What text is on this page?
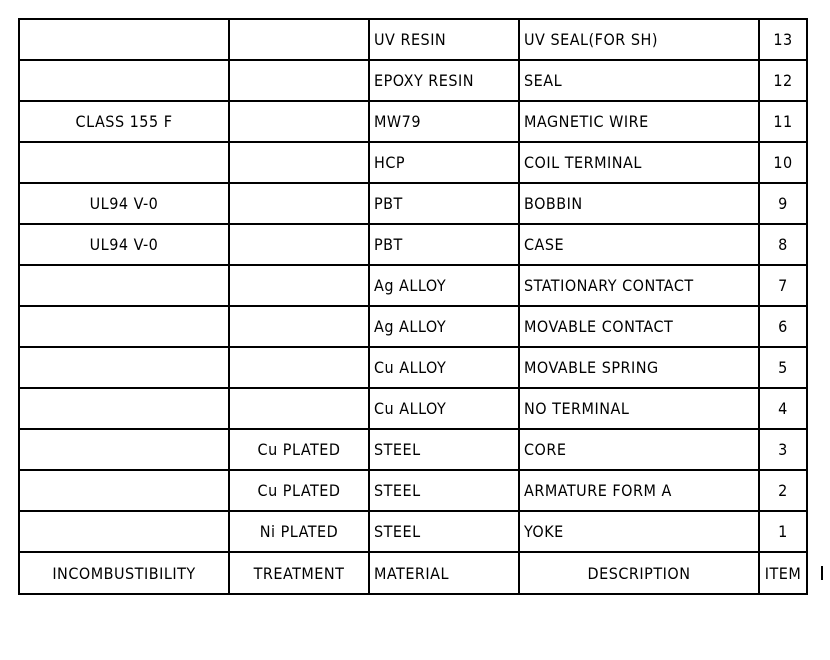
		UV RESIN	UV SEAL(FOR SH)	13
		EPOXY RESIN	SEAL	12
CLASS 155 F		MW79	MAGNETIC WIRE	11
		HCP	COIL TERMINAL	10
UL94 V-0		PBT	BOBBIN	9
UL94 V-0		PBT	CASE	8
		Ag ALLOY	STATIONARY CONTACT	7
		Ag ALLOY	MOVABLE CONTACT	6
		Cu ALLOY	MOVABLE SPRING	5
		Cu ALLOY	NO TERMINAL	4
	Cu PLATED	STEEL	CORE	3
	Cu PLATED	STEEL	ARMATURE FORM A	2
	Ni PLATED	STEEL	YOKE	1
INCOMBUSTIBILITY	TREATMENT	MATERIAL	DESCRIPTION	ITEM
